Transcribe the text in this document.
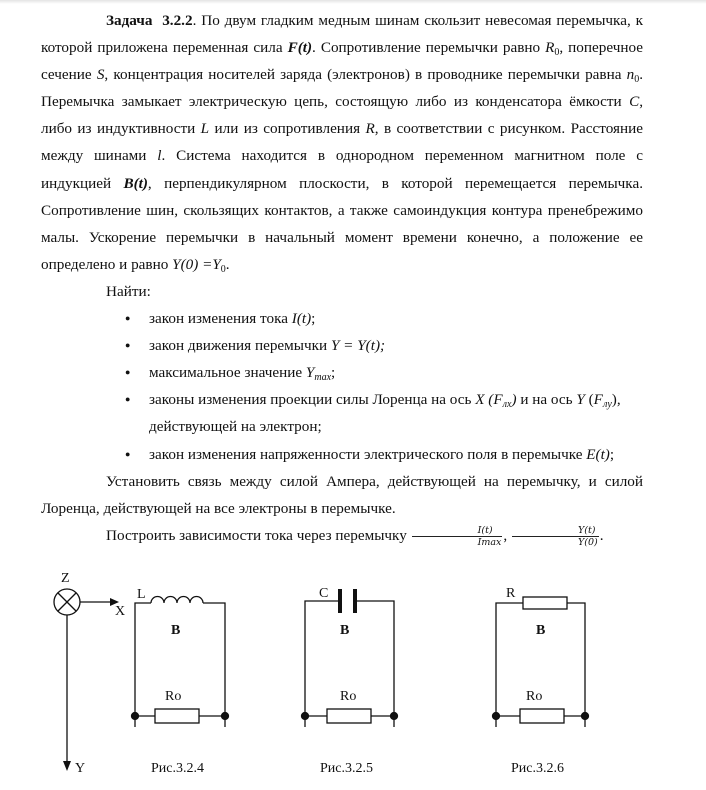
Задача 3.2.2. По двум гладким медным шинам скользит невесомая перемычка, к которой приложена переменная сила F(t). Сопротивление перемычки равно $R_0$, поперечное сечение S, концентрация носителей заряда (электронов) в проводнике перемычки равна $n_0$. Перемычка замыкает электрическую цепь, состоящую либо из конденсатора ёмкости C, либо из индуктивности L или из сопротивления R, в соответствии с рисунком. Расстояние между шинами l. Система находится в однородном переменном магнитном поле с индукцией B(t), перпендикулярном плоскости, в которой перемещается перемычка. Сопротивление шин, скользящих контактов, а также самоиндукция контура пренебрежимо малы. Ускорение перемычки в начальный момент времени конечно, а положение ее определено и равно $Y(0) =Y_0$.

Найти:

● закон изменения тока I(t);
● закон движения перемычки Y = Y(t);
● максимальное значение $Y_{max}$;
● законы изменения проекции силы Лоренца на ось X $(F_{лx})$ и на ось Y $(F_{лy})$, действующей на электрон;
● закон изменения напряженности электрического поля в перемычке E(t);

Установить связь между силой Ампера, действующей на перемычку, и силой Лоренца, действующей на все электроны в перемычке.

Построить зависимости тока через перемычку $\frac{I(t)}{Imax}$ , $\frac{Y(t)}{Y(0)}$ .

Z
X
Y
L
B
Ro
Рис.3.2.4
C
B
Ro
Рис.3.2.5
R
B
Ro
Рис.3.2.6
